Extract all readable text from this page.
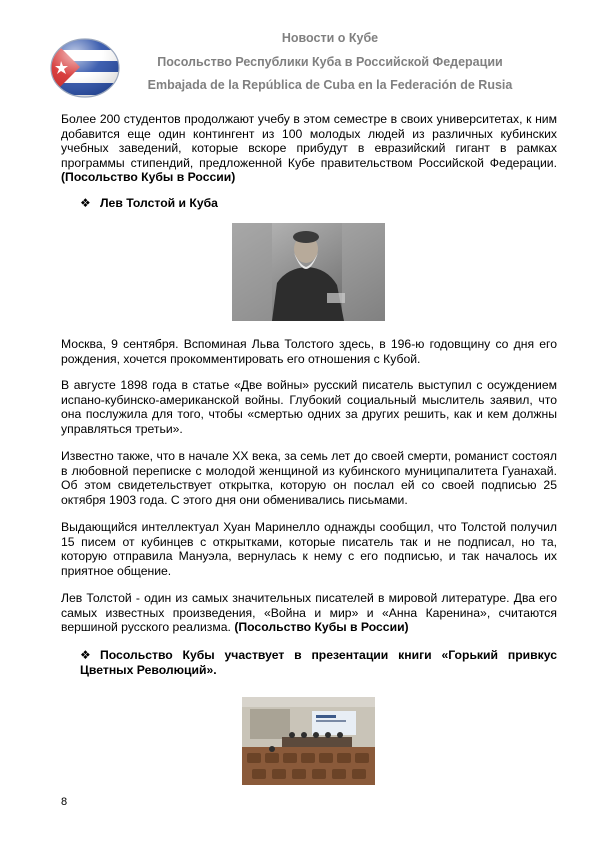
Новости о Кубе
Посольство Республики Куба в Российской Федерации
Embajada de la República de Cuba en la Federación de Rusia
Более 200 студентов продолжают учебу в этом семестре в своих университетах, к ним добавится еще один контингент из 100 молодых людей из различных кубинских учебных заведений, которые вскоре прибудут в евразийский гигант в рамках программы стипендий, предложенной Кубе правительством Российской Федерации. (Посольство Кубы в России)
❖ Лев Толстой и Куба
Москва, 9 сентября. Вспоминая Льва Толстого здесь, в 196-ю годовщину со дня его рождения, хочется прокомментировать его отношения с Кубой.
В августе 1898 года в статье «Две войны» русский писатель выступил с осуждением испано-кубинско-американской войны. Глубокий социальный мыслитель заявил, что она послужила для того, чтобы «смертью одних за других решить, как и кем должны управляться третьи».
Известно также, что в начале XX века, за семь лет до своей смерти, романист состоял в любовной переписке с молодой женщиной из кубинского муниципалитета Гуанахай. Об этом свидетельствует открытка, которую он послал ей со своей подписью 25 октября 1903 года. С этого дня они обменивались письмами.
Выдающийся интеллектуал Хуан Маринелло однажды сообщил, что Толстой получил 15 писем от кубинцев с открытками, которые писатель так и не подписал, но та, которую отправила Мануэла, вернулась к нему с его подписью, и так началось их приятное общение.
Лев Толстой - один из самых значительных писателей в мировой литературе. Два его самых известных произведения, «Война и мир» и «Анна Каренина», считаются вершиной русского реализма. (Посольство Кубы в России)
❖ Посольство Кубы участвует в презентации книги «Горький привкус Цветных Революций».
8
